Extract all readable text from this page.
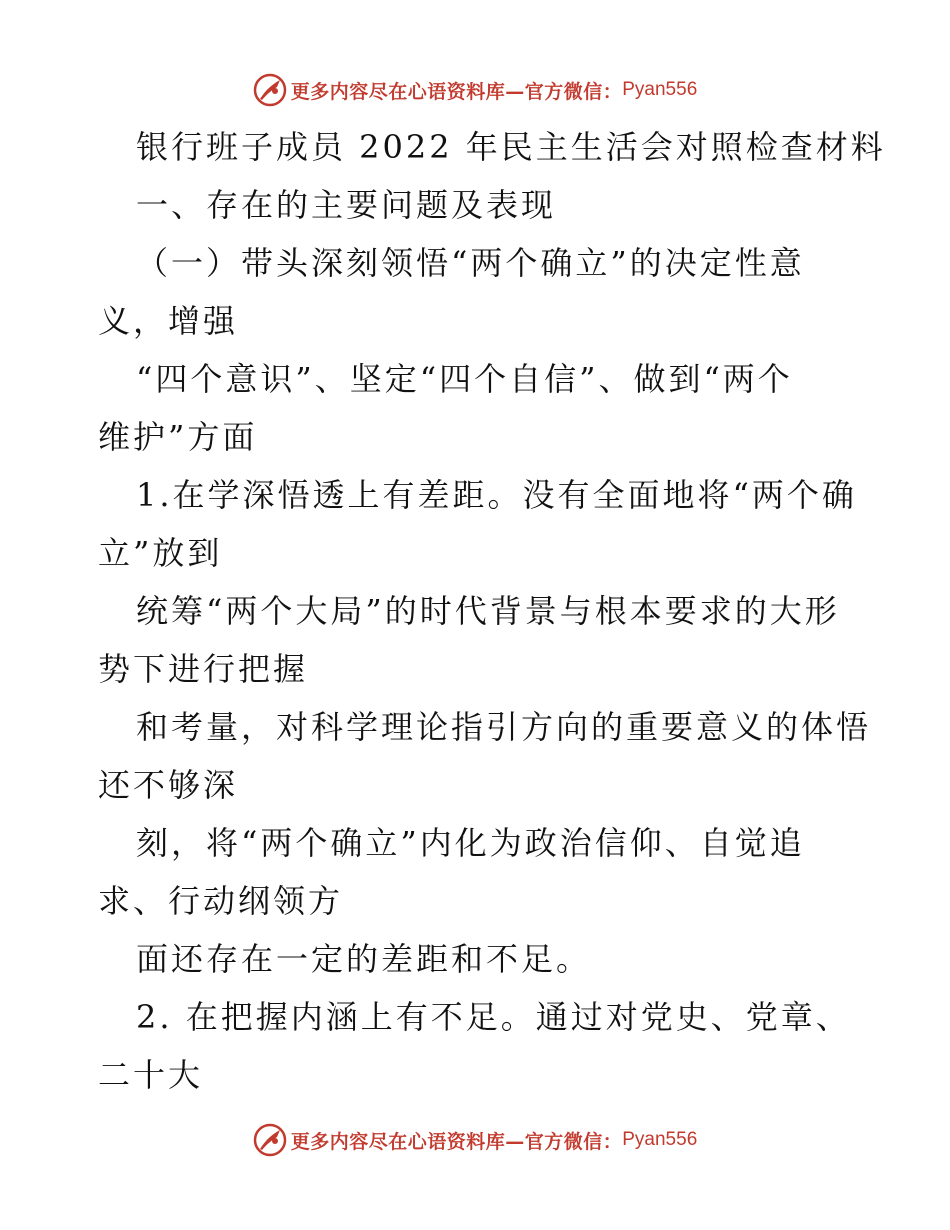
更多内容尽在心语资料库—官方微信： Pyan556
银行班子成员 2022 年民主生活会对照检查材料
一、存在的主要问题及表现
（一）带头深刻领悟“两个确立”的决定性意
义，增强
“四个意识”、坚定“四个自信”、做到“两个
维护”方面
1.在学深悟透上有差距。没有全面地将“两个确
立”放到
统筹“两个大局”的时代背景与根本要求的大形
势下进行把握
和考量，对科学理论指引方向的重要意义的体悟
还不够深
刻，将“两个确立”内化为政治信仰、自觉追
求、行动纲领方
面还存在一定的差距和不足。
2. 在把握内涵上有不足。通过对党史、党章、
二十大
更多内容尽在心语资料库—官方微信： Pyan556
